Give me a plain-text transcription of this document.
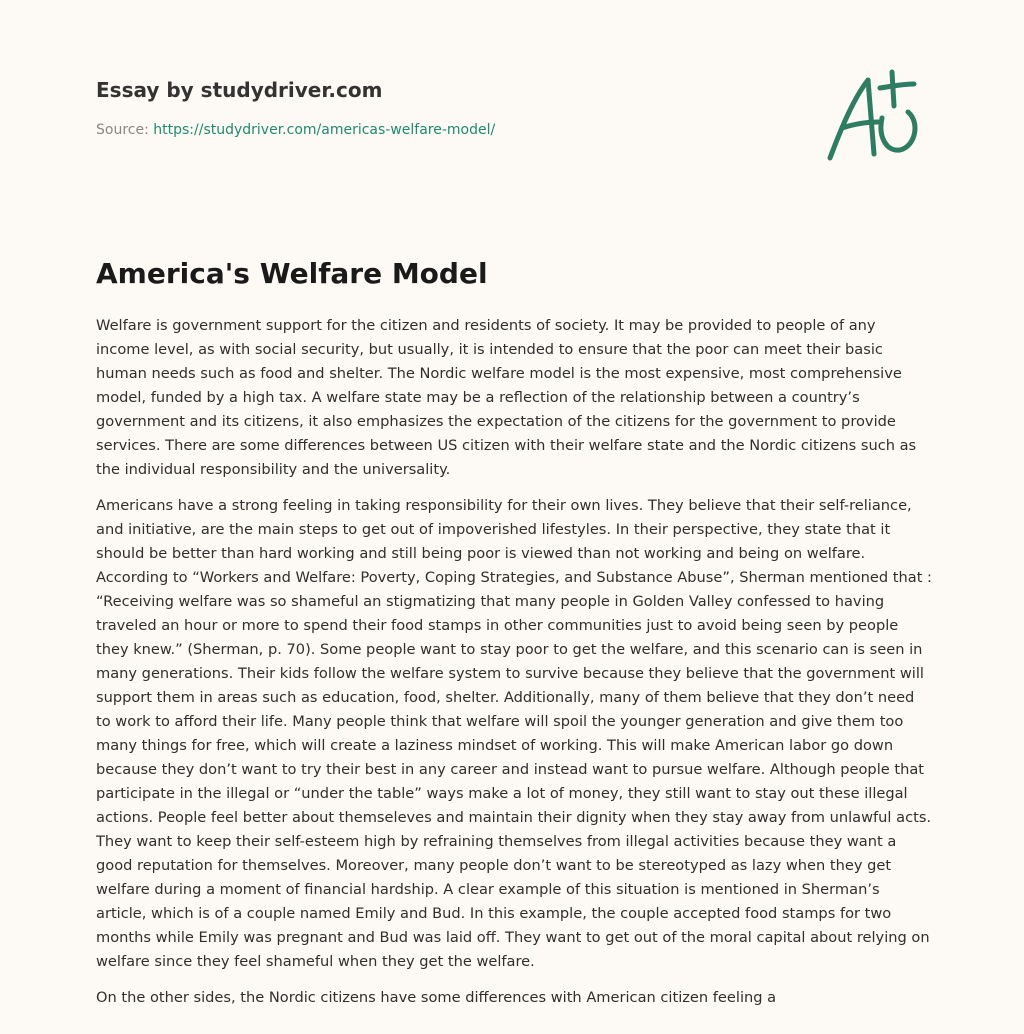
Essay by studydriver.com
Source: https://studydriver.com/americas-welfare-model/
America's Welfare Model

Welfare is government support for the citizen and residents of society. It may be provided to people of any income level, as with social security, but usually, it is intended to ensure that the poor can meet their basic human needs such as food and shelter. The Nordic welfare model is the most expensive, most comprehensive model, funded by a high tax. A welfare state may be a reflection of the relationship between a country’s government and its citizens, it also emphasizes the expectation of the citizens for the government to provide services. There are some differences between US citizen with their welfare state and the Nordic citizens such as the individual responsibility and the universality.

Americans have a strong feeling in taking responsibility for their own lives. They believe that their self-reliance, and initiative, are the main steps to get out of impoverished lifestyles. In their perspective, they state that it should be better than hard working and still being poor is viewed than not working and being on welfare. According to “Workers and Welfare: Poverty, Coping Strategies, and Substance Abuse”, Sherman mentioned that : “Receiving welfare was so shameful an stigmatizing that many people in Golden Valley confessed to having traveled an hour or more to spend their food stamps in other communities just to avoid being seen by people they knew.” (Sherman, p. 70). Some people want to stay poor to get the welfare, and this scenario can is seen in many generations. Their kids follow the welfare system to survive because they believe that the government will support them in areas such as education, food, shelter. Additionally, many of them believe that they don’t need to work to afford their life. Many people think that welfare will spoil the younger generation and give them too many things for free, which will create a laziness mindset of working. This will make American labor go down because they don’t want to try their best in any career and instead want to pursue welfare. Although people that participate in the illegal or “under the table” ways make a lot of money, they still want to stay out these illegal actions. People feel better about themseleves and maintain their dignity when they stay away from unlawful acts. They want to keep their self-esteem high by refraining themselves from illegal activities because they want a good reputation for themselves. Moreover, many people don’t want to be stereotyped as lazy when they get welfare during a moment of financial hardship. A clear example of this situation is mentioned in Sherman’s article, which is of a couple named Emily and Bud. In this example, the couple accepted food stamps for two months while Emily was pregnant and Bud was laid off. They want to get out of the moral capital about relying on welfare since they feel shameful when they get the welfare.

On the other sides, the Nordic citizens have some differences with American citizen feeling a
